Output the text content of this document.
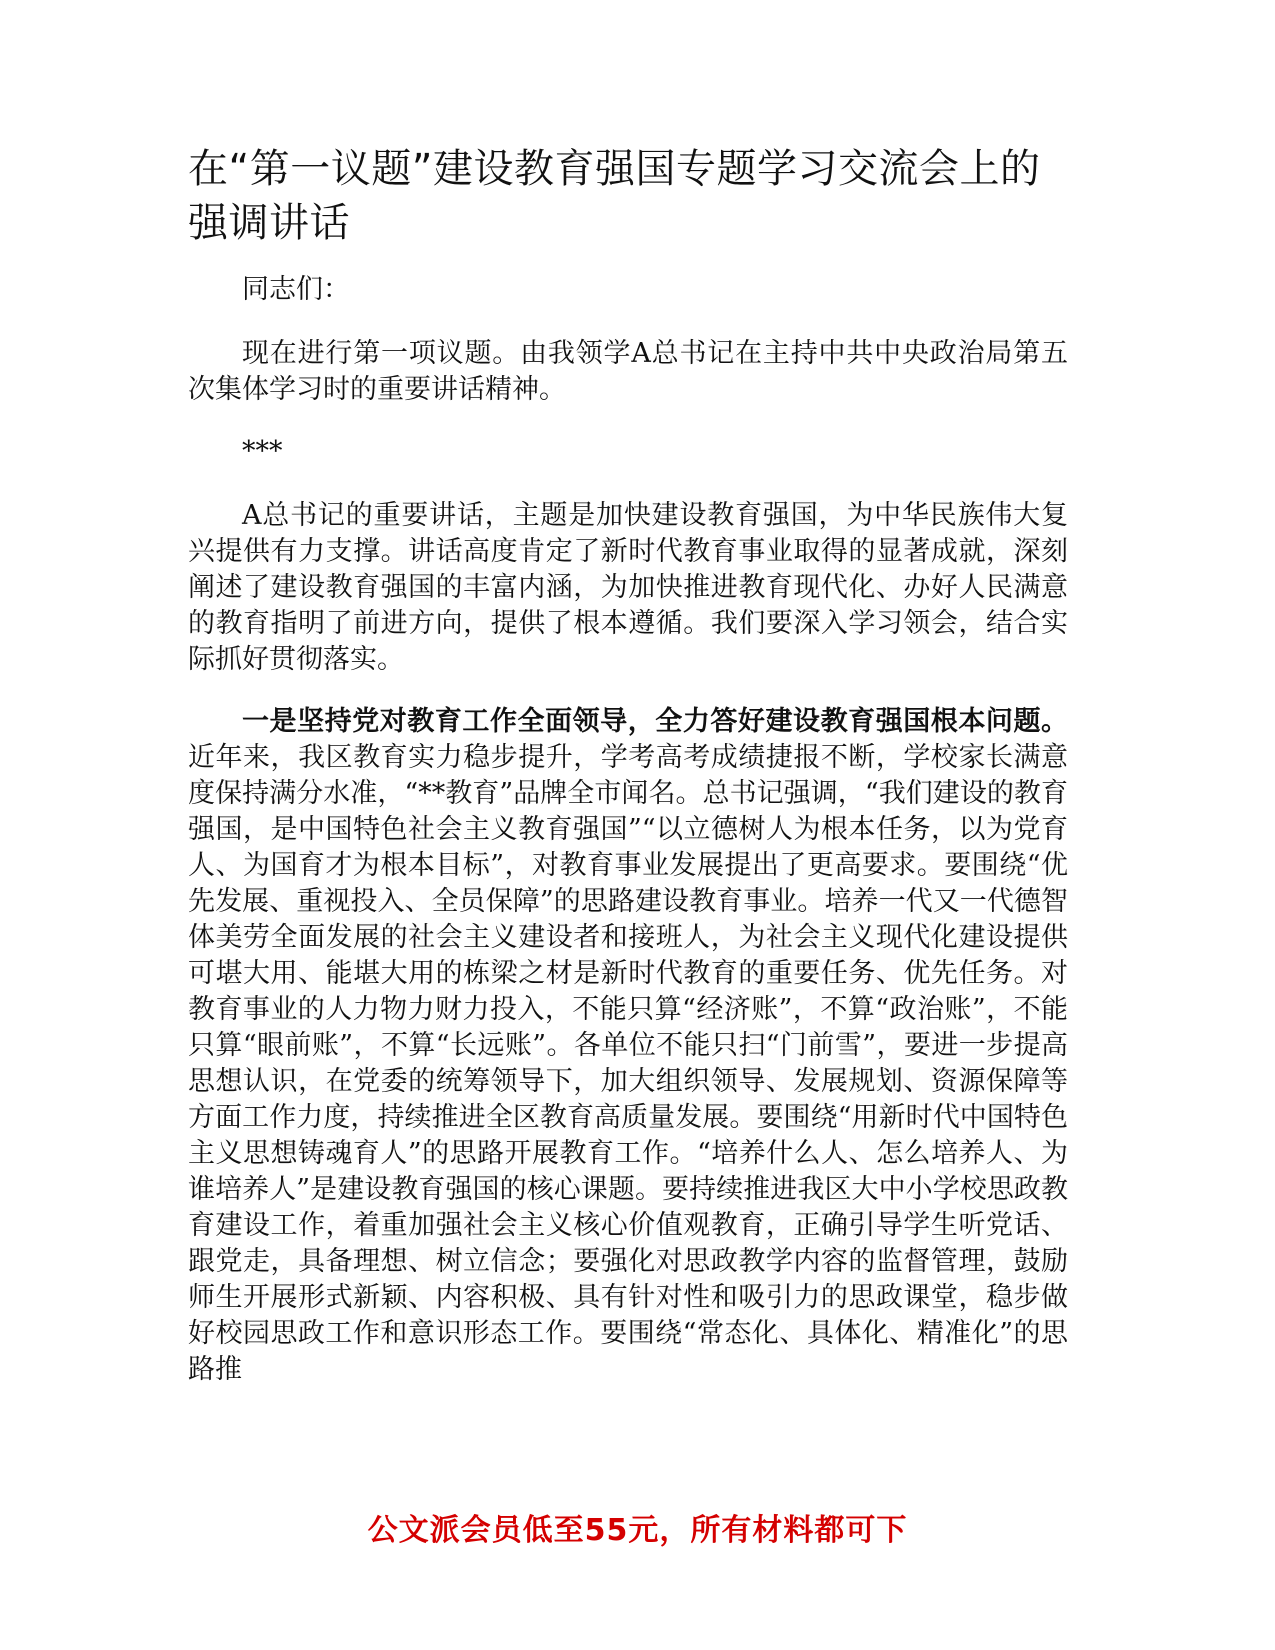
在“第一议题”建设教育强国专题学习交流会上的强调讲话

同志们：

现在进行第一项议题。由我领学A总书记在主持中共中央政治局第五次集体学习时的重要讲话精神。

***

A总书记的重要讲话，主题是加快建设教育强国，为中华民族伟大复兴提供有力支撑。讲话高度肯定了新时代教育事业取得的显著成就，深刻阐述了建设教育强国的丰富内涵，为加快推进教育现代化、办好人民满意的教育指明了前进方向，提供了根本遵循。我们要深入学习领会，结合实际抓好贯彻落实。

一是坚持党对教育工作全面领导，全力答好建设教育强国根本问题。近年来，我区教育实力稳步提升，学考高考成绩捷报不断，学校家长满意度保持满分水准，“**教育”品牌全市闻名。总书记强调，“我们建设的教育强国，是中国特色社会主义教育强国”“以立德树人为根本任务，以为党育人、为国育才为根本目标”，对教育事业发展提出了更高要求。要围绕“优先发展、重视投入、全员保障”的思路建设教育事业。培养一代又一代德智体美劳全面发展的社会主义建设者和接班人，为社会主义现代化建设提供可堪大用、能堪大用的栋梁之材是新时代教育的重要任务、优先任务。对教育事业的人力物力财力投入，不能只算“经济账”，不算“政治账”，不能只算“眼前账”，不算“长远账”。各单位不能只扫“门前雪”，要进一步提高思想认识，在党委的统筹领导下，加大组织领导、发展规划、资源保障等方面工作力度，持续推进全区教育高质量发展。要围绕“用新时代中国特色主义思想铸魂育人”的思路开展教育工作。“培养什么人、怎么培养人、为谁培养人”是建设教育强国的核心课题。要持续推进我区大中小学校思政教育建设工作，着重加强社会主义核心价值观教育，正确引导学生听党话、跟党走，具备理想、树立信念；要强化对思政教学内容的监督管理，鼓励师生开展形式新颖、内容积极、具有针对性和吸引力的思政课堂，稳步做好校园思政工作和意识形态工作。要围绕“常态化、具体化、精准化”的思路推

公文派会员低至55元，所有材料都可下
